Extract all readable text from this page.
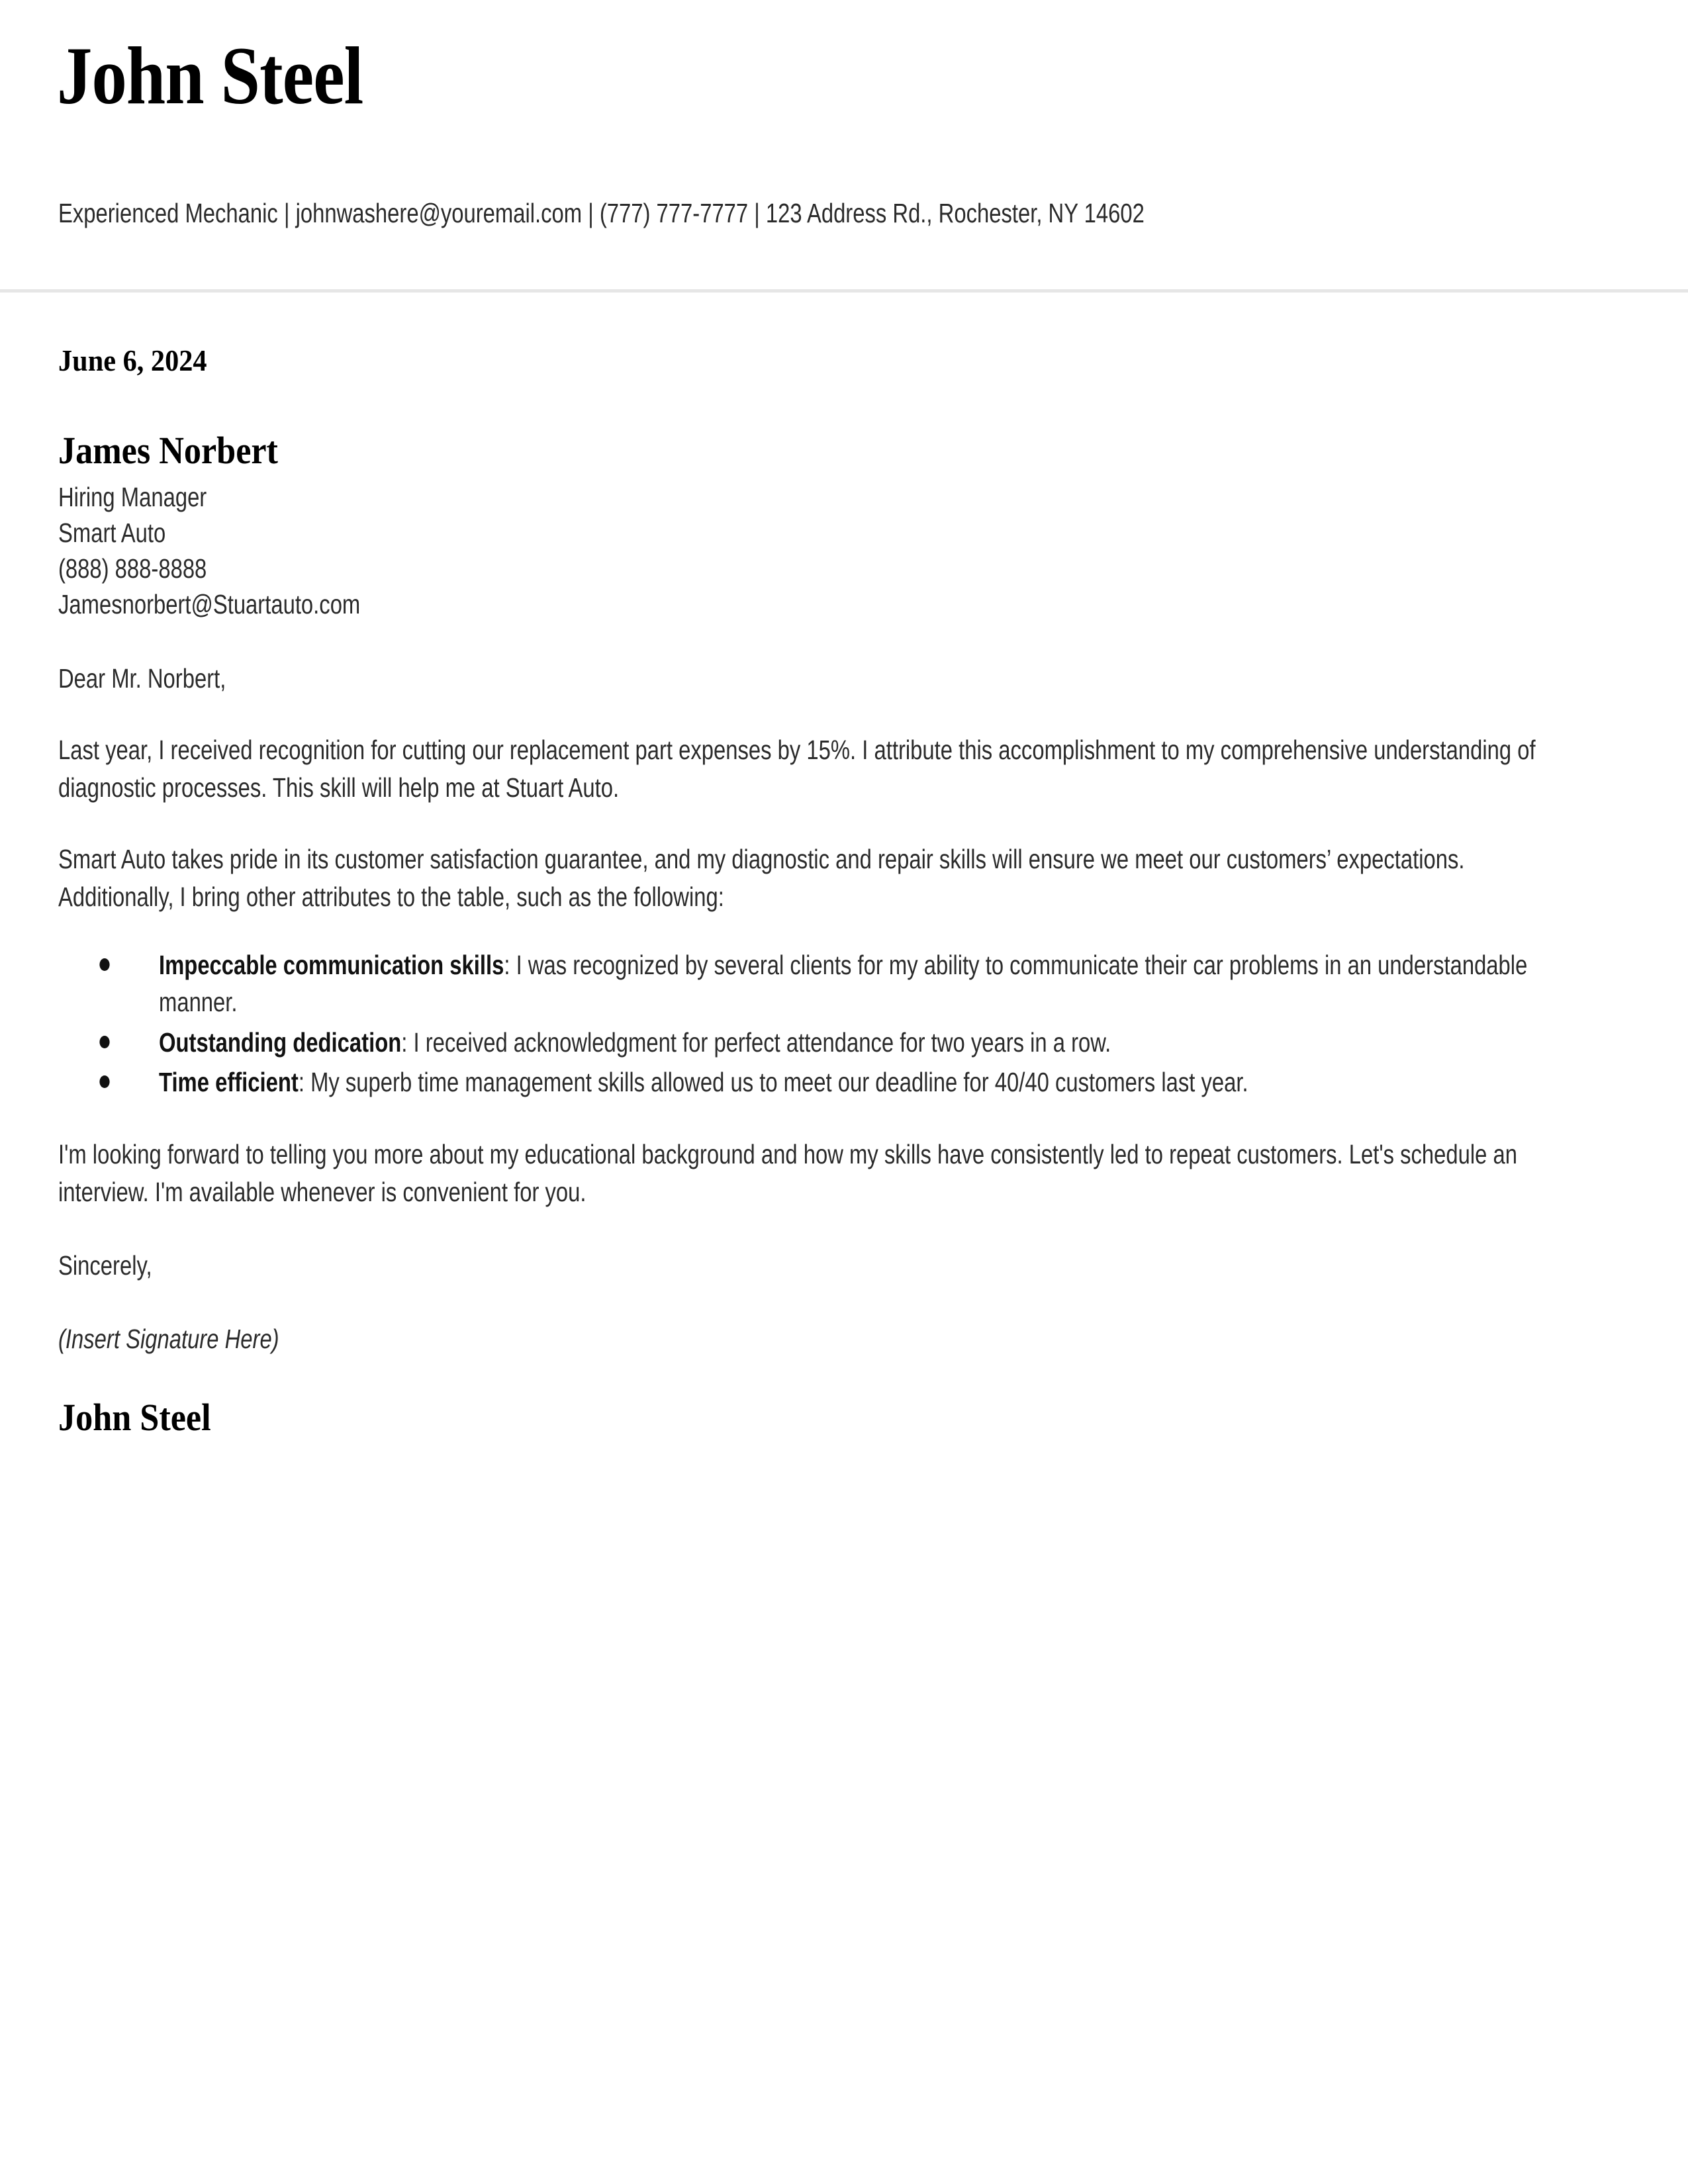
John Steel
Experienced Mechanic | johnwashere@youremail.com | (777) 777-7777 | 123 Address Rd., Rochester, NY 14602
June 6, 2024
James Norbert
Hiring Manager
Smart Auto
(888) 888-8888
Jamesnorbert@Stuartauto.com
Dear Mr. Norbert,
Last year, I received recognition for cutting our replacement part expenses by 15%. I attribute this accomplishment to my comprehensive understanding of diagnostic processes. This skill will help me at Stuart Auto.
Smart Auto takes pride in its customer satisfaction guarantee, and my diagnostic and repair skills will ensure we meet our customers’ expectations. Additionally, I bring other attributes to the table, such as the following:
Impeccable communication skills: I was recognized by several clients for my ability to communicate their car problems in an understandable manner.
Outstanding dedication: I received acknowledgment for perfect attendance for two years in a row.
Time efficient: My superb time management skills allowed us to meet our deadline for 40/40 customers last year.
I'm looking forward to telling you more about my educational background and how my skills have consistently led to repeat customers. Let's schedule an interview. I'm available whenever is convenient for you.
Sincerely,
(Insert Signature Here)
John Steel
